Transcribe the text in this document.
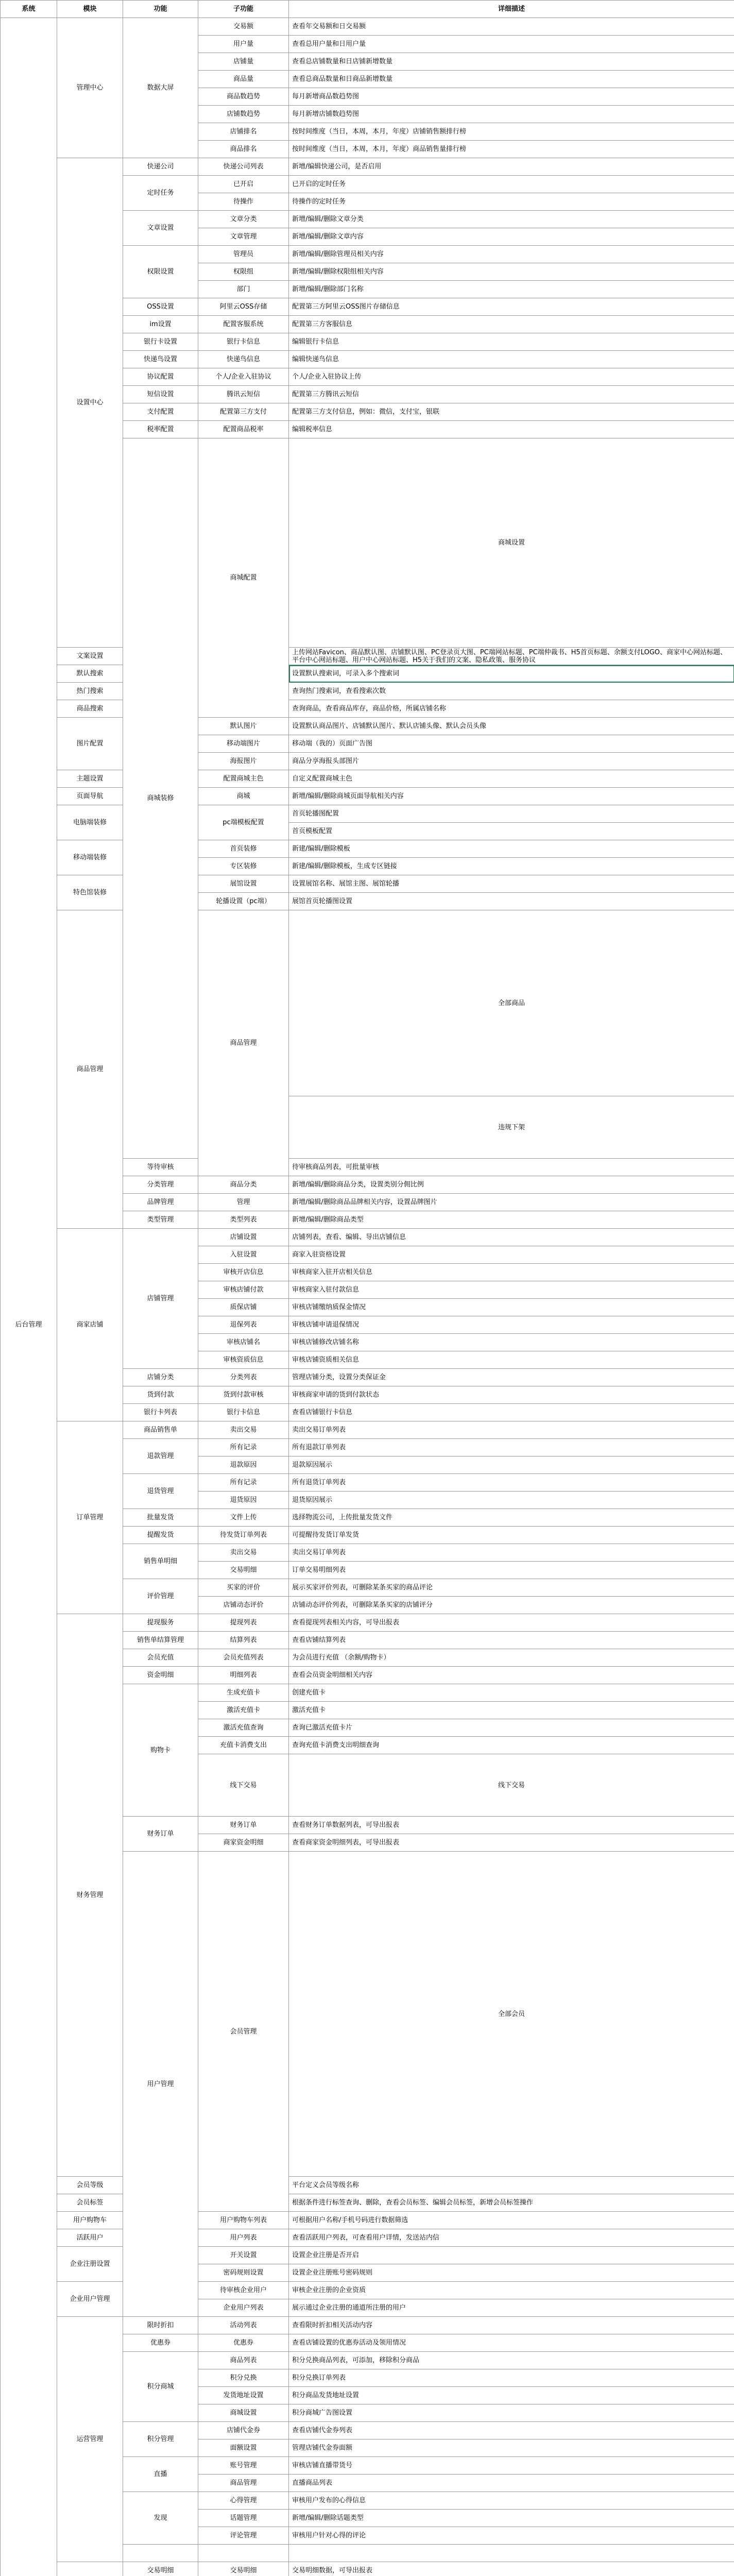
系统	模块	功能	子功能	详细描述	
后台管理	管理中心	数据大屏	交易额	查看年交易额和日交易额	
			用户量	查看总用户量和日用户量	
			店铺量	查看总店铺数量和日店铺新增数量	
			商品量	查看总商品数量和日商品新增数量	
			商品数趋势	每月新增商品数趋势图	
			店铺数趋势	每月新增店铺数趋势图	
			店铺排名	按时间维度（当日，本周，本月，年度）店铺销售额排行榜	
			商品排名	按时间维度（当日，本周，本月，年度）商品销售量排行榜	
	设置中心	快递公司	快递公司列表	新增/编辑快递公司，是否启用	
		定时任务	已开启	已开启的定时任务	
			待操作	待操作的定时任务	
		文章设置	文章分类	新增/编辑/删除文章分类	
			文章管理	新增/编辑/删除文章内容	
		权限设置	管理员	新增/编辑/删除管理员相关内容	
			权限组	新增/编辑/删除权限组相关内容	
			部门	新增/编辑/删除部门名称	
		OSS设置	阿里云OSS存储	配置第三方阿里云OSS图片存储信息	
		im设置	配置客服系统	配置第三方客服信息	
		银行卡设置	银行卡信息	编辑银行卡信息	
		快递鸟设置	快递鸟信息	编辑快递鸟信息	
		协议配置	个人/企业入驻协议	个人/企业入驻协议上传	
		短信设置	腾讯云短信	配置第三方腾讯云短信	
		支付配置	配置第三方支付	配置第三方支付信息，例如：微信，支付宝，银联	
		税率配置	配置商品税率	编辑税率信息	
		商城装修	商城配置	商城设置	
	文案设置			上传网站Favicon、商品默认图、店铺默认图、PC登录页大图、PC端网站标题、PC端仲裁书、H5首页标题、余额支付LOGO、商家中心网站标题、平台中心网站标题、用户中心网站标题、H5关于我们的文案、隐私政策、服务协议	
	默认搜索			设置默认搜索词，可录入多个搜索词	
	热门搜索			查询热门搜索词，查看搜索次数	
	商品搜索			查询商品，查看商品库存，商品价格，所属店铺名称	
	图片配置		默认图片	设置默认商品图片、店铺默认图片、默认店铺头像、默认会员头像	
			移动端图片	移动端（我的）页面广告图	
			海报图片	商品分享海报头部图片	
	主题设置		配置商城主色	自定义配置商城主色	
	页面导航		商城	新增/编辑/删除商城页面导航相关内容	
	电脑端装修		pc端模板配置	首页轮播图配置	
				首页模板配置	
	移动端装修		首页装修	新建/编辑/删除模板	
			专区装修	新建/编辑/删除模板，生成专区链接	
	特色馆装修		展馆设置	设置展馆名称、展馆主图、展馆轮播	
			轮播设置（pc端）	展馆首页轮播图设置	
	商品管理		商品管理	全部商品	
				违规下架	
		等待审核		待审核商品列表，可批量审核	
		分类管理	商品分类	新增/编辑/删除商品分类，设置类别分佣比例	
		品牌管理	管理	新增/编辑/删除商品品牌相关内容，设置品牌图片	
		类型管理	类型列表	新增/编辑/删除商品类型	
	商家店铺	店铺管理	店铺设置	店铺列表，查看、编辑、导出店铺信息	
			入驻设置	商家入驻资格设置	
			审核开店信息	审核商家入驻开店相关信息	
			审核店铺付款	审核商家入驻付款信息	
			质保店铺	审核店铺缴纳质保金情况	
			退保列表	审核店铺申请退保情况	
			审核店铺名	审核店铺修改店铺名称	
			审核资质信息	审核店铺资质相关信息	
		店铺分类	分类列表	管理店铺分类，设置分类保证金	
		货到付款	货到付款审核	审核商家申请的货到付款状态	
		银行卡列表	银行卡信息	查看店铺银行卡信息	
	订单管理	商品销售单	卖出交易	卖出交易订单列表	
		退款管理	所有记录	所有退款订单列表	
			退款原因	退款原因展示	
		退货管理	所有记录	所有退货订单列表	
			退货原因	退货原因展示	
		批量发货	文件上传	选择物流公司，上传批量发货文件	
		提醒发货	待发货订单列表	可提醒待发货订单发货	
		销售单明细	卖出交易	卖出交易订单列表	
			交易明细	订单交易明细列表	
		评价管理	买家的评价	展示买家评价列表，可删除某条买家的商品评论	
			店铺动态评价	店铺动态评价列表，可删除某条买家的店铺评分	
	财务管理	提现服务	提现列表	查看提现列表相关内容，可导出报表	
		销售单结算管理	结算列表	查看店铺结算列表	
		会员充值	会员充值列表	为会员进行充值 （余额/购物卡）	
		资金明细	明细列表	查看会员资金明细相关内容	
		购物卡	生成充值卡	创建充值卡	
			激活充值卡	激活充值卡	
			激活充值查询	查询已激活充值卡片	
			充值卡消费支出	查询充值卡消费支出明细查询	
			线下交易	线下交易	
		财务订单	财务订单	查看财务订单数据列表，可导出报表	
			商家资金明细	查看商家资金明细列表，可导出报表	
		用户管理	会员管理	全部会员	
	会员等级			平台定义会员等级名称	
	会员标签			根据条件进行标签查询、删除，查看会员标签、编辑会员标签，新增会员标签操作	
	用户购物车		用户购物车列表	可根据用户名称/手机号码进行数据筛选	
	活跃用户		用户列表	查看活跃用户列表，可查看用户详情，发送站内信	
	企业注册设置		开关设置	设置企业注册是否开启	
			密码规则设置	设置企业注册账号密码规则	
	企业用户管理		待审核企业用户	审核企业注册的企业资质	
			企业用户列表	展示通过企业注册的通道所注册的用户	
	运营管理	限时折扣	活动列表	查看限时折扣相关活动内容	
		优惠券	优惠券	查看店铺设置的优惠券活动及领用情况	
		积分商城	商品列表	积分兑换商品列表，可添加，移除积分商品	
			积分兑换	积分兑换订单列表	
			发货地址设置	积分商品发货地址设置	
			商城设置	积分商城广告图设置	
		积分管理	店铺代金券	查看店铺代金券列表	
			面额设置	管理店铺代金券面额	
		直播	账号管理	审核店铺直播带货号	
			商品管理	直播商品列表	
		发现	心得管理	审核用户发布的心得信息	
			话题管理	新增/编辑/删除话题类型	
			评论管理	审核用户针对心得的评论	

	交易明细	交易明细	交易明细数据，可导出报表	
